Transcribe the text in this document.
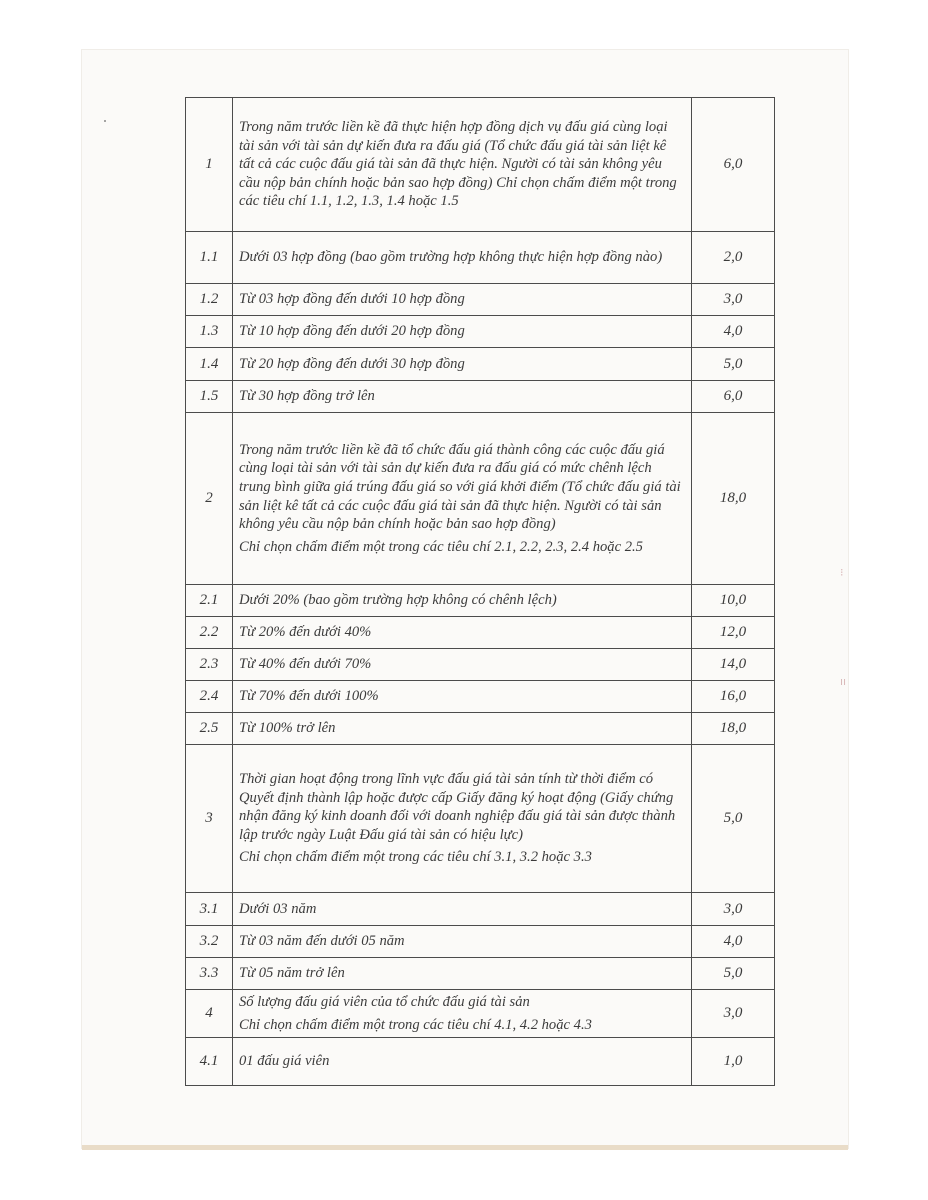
⁝
ıı
1	Trong năm trước liền kề đã thực hiện hợp đồng dịch vụ đấu giá cùng loại tài sản với tài sản dự kiến đưa ra đấu giá (Tổ chức đấu giá tài sản liệt kê tất cả các cuộc đấu giá tài sản đã thực hiện. Người có tài sản không yêu cầu nộp bản chính hoặc bản sao hợp đồng) Chỉ chọn chấm điểm một trong các tiêu chí 1.1, 1.2, 1.3, 1.4 hoặc 1.5	6,0
1.1	Dưới 03 hợp đồng (bao gồm trường hợp không thực hiện hợp đồng nào)	2,0
1.2	Từ 03 hợp đồng đến dưới 10 hợp đồng	3,0
1.3	Từ 10 hợp đồng đến dưới 20 hợp đồng	4,0
1.4	Từ 20 hợp đồng đến dưới 30 hợp đồng	5,0
1.5	Từ 30 hợp đồng trở lên	6,0
2	Trong năm trước liền kề đã tổ chức đấu giá thành công các cuộc đấu giá cùng loại tài sản với tài sản dự kiến đưa ra đấu giá có mức chênh lệch trung bình giữa giá trúng đấu giá so với giá khởi điểm (Tổ chức đấu giá tài sản liệt kê tất cả các cuộc đấu giá tài sản đã thực hiện. Người có tài sản không yêu cầu nộp bản chính hoặc bản sao hợp đồng)
Chỉ chọn chấm điểm một trong các tiêu chí 2.1, 2.2, 2.3, 2.4 hoặc 2.5	18,0
2.1	Dưới 20% (bao gồm trường hợp không có chênh lệch)	10,0
2.2	Từ 20% đến dưới 40%	12,0
2.3	Từ 40% đến dưới 70%	14,0
2.4	Từ 70% đến dưới 100%	16,0
2.5	Từ 100% trở lên	18,0
3	Thời gian hoạt động trong lĩnh vực đấu giá tài sản tính từ thời điểm có Quyết định thành lập hoặc được cấp Giấy đăng ký hoạt động (Giấy chứng nhận đăng ký kinh doanh đối với doanh nghiệp đấu giá tài sản được thành lập trước ngày Luật Đấu giá tài sản có hiệu lực)
Chỉ chọn chấm điểm một trong các tiêu chí 3.1, 3.2 hoặc 3.3	5,0
3.1	Dưới 03 năm	3,0
3.2	Từ 03 năm đến dưới 05 năm	4,0
3.3	Từ 05 năm trở lên	5,0
4	Số lượng đấu giá viên của tổ chức đấu giá tài sản
Chỉ chọn chấm điểm một trong các tiêu chí 4.1, 4.2 hoặc 4.3	3,0
4.1	01 đấu giá viên	1,0
